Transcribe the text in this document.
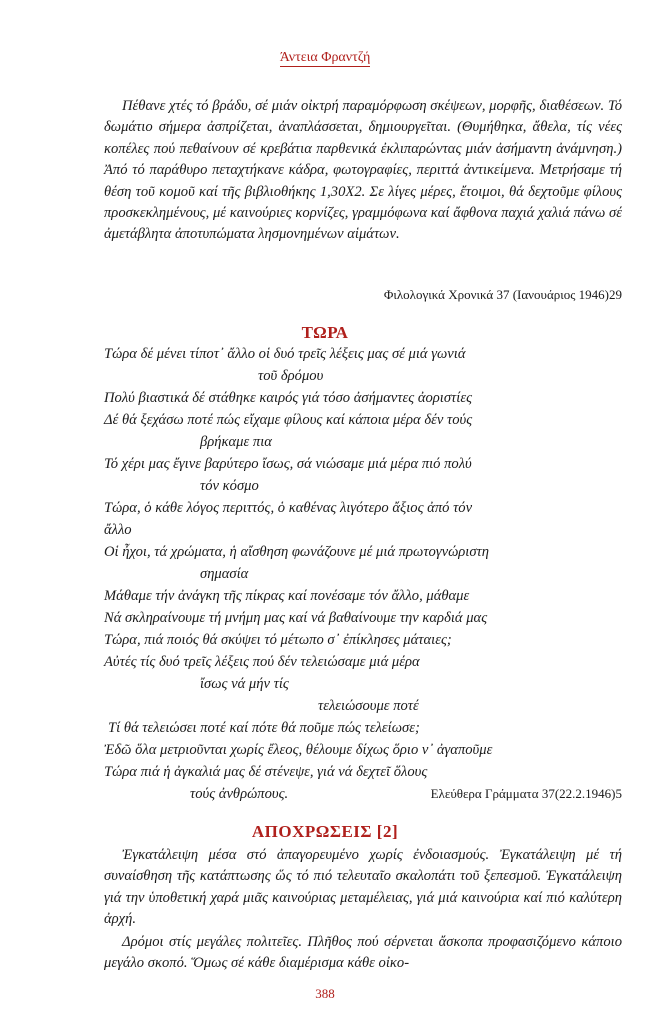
Άντεια Φραντζή

Πέθανε χτές τό βράδυ, σέ μιάν οἰκτρή παραμόρφωση σκέψεων, μορφῆς, διαθέσεων. Τό δωμάτιο σήμερα ἀσπρίζεται, ἀναπλάσσεται, δημιουργεῖται. (Θυμήθηκα, ἄθελα, τίς νέες κοπέλες πού πεθαίνουν σέ κρεβάτια παρθενικά ἐκλιπαρώντας μιάν ἀσήμαντη ἀνάμνηση.) Ἀπό τό παράθυρο πεταχτήκανε κάδρα, φωτογραφίες, περιττά ἀντικείμενα. Μετρήσαμε τή θέση τοῦ κομοῦ καί τῆς βιβλιοθήκης 1,30X2. Σε λίγες μέρες, ἔτοιμοι, θά δεχτοῦμε φίλους προσκεκλημένους, μέ καινούριες κορνίζες, γραμμόφωνα καί ἄφθονα παχιά χαλιά πάνω σέ ἀμετάβλητα ἀποτυπώματα λησμονημένων αἱμάτων.

Φιλολογικά Χρονικά 37 (Ιανουάριος 1946)29
ΤΩΡΑ
Τώρα δέ μένει τίποτ᾽ ἄλλο οἱ δυό τρεῖς λέξεις μας σέ μιά γωνιά
τοῦ δρόμου
Πολύ βιαστικά δέ στάθηκε καιρός γιά τόσο ἀσήμαντες ἀοριστίες
Δέ θά ξεχάσω ποτέ πώς εἴχαμε φίλους καί κάποια μέρα δέν τούς
βρήκαμε πια
Τό χέρι μας ἔγινε βαρύτερο ἴσως, σά νιώσαμε μιά μέρα πιό πολύ
τόν κόσμο
Τώρα, ὁ κάθε λόγος περιττός, ὁ καθένας λιγότερο ἄξιος ἀπό τόν
ἄλλο
Οἱ ἦχοι, τά χρώματα, ἡ αἴσθηση φωνάζουνε μέ μιά πρωτογνώριστη
σημασία
Μάθαμε τήν ἀνάγκη τῆς πίκρας καί πονέσαμε τόν ἄλλο, μάθαμε
Νά σκληραίνουμε τή μνήμη μας καί νά βαθαίνουμε την καρδιά μας
Τώρα, πιά ποιός θά σκύψει τό μέτωπο σ᾽ ἐπίκλησες μάταιες;
Αὐτές τίς δυό τρεῖς λέξεις πού δέν τελειώσαμε μιά μέρα
ἴσως νά μήν τίς
τελειώσουμε ποτέ
Τί θά τελειώσει ποτέ καί πότε θά ποῦμε πώς τελείωσε;
Ἐδῶ ὅλα μετριοῦνται χωρίς ἔλεος, θέλουμε δίχως ὅριο ν᾽ ἀγαποῦμε
Τώρα πιά ἡ ἀγκαλιά μας δέ στένεψε, γιά νά δεχτεῖ ὅλους
τούς ἀνθρώπους.	Ελεύθερα Γράμματα 37(22.2.1946)5
ΑΠΟΧΡΩΣΕΙΣ [2]

Ἐγκατάλειψη μέσα στό ἀπαγορευμένο χωρίς ἐνδοιασμούς. Ἐγκατάλειψη μέ τή συναίσθηση τῆς κατάπτωσης ὥς τό πιό τελευταῖο σκαλοπάτι τοῦ ξεπεσμοῦ. Ἐγκατάλειψη γιά την ὑποθετική χαρά μιᾶς καινούριας μεταμέλειας, γιά μιά καινούρια καί πιό καλύτερη ἀρχή.

Δρόμοι στίς μεγάλες πολιτεῖες. Πλῆθος πού σέρνεται ἄσκοπα προφασιζόμενο κάποιο μεγάλο σκοπό. Ὅμως σέ κάθε διαμέρισμα κάθε οἰκο-

388
